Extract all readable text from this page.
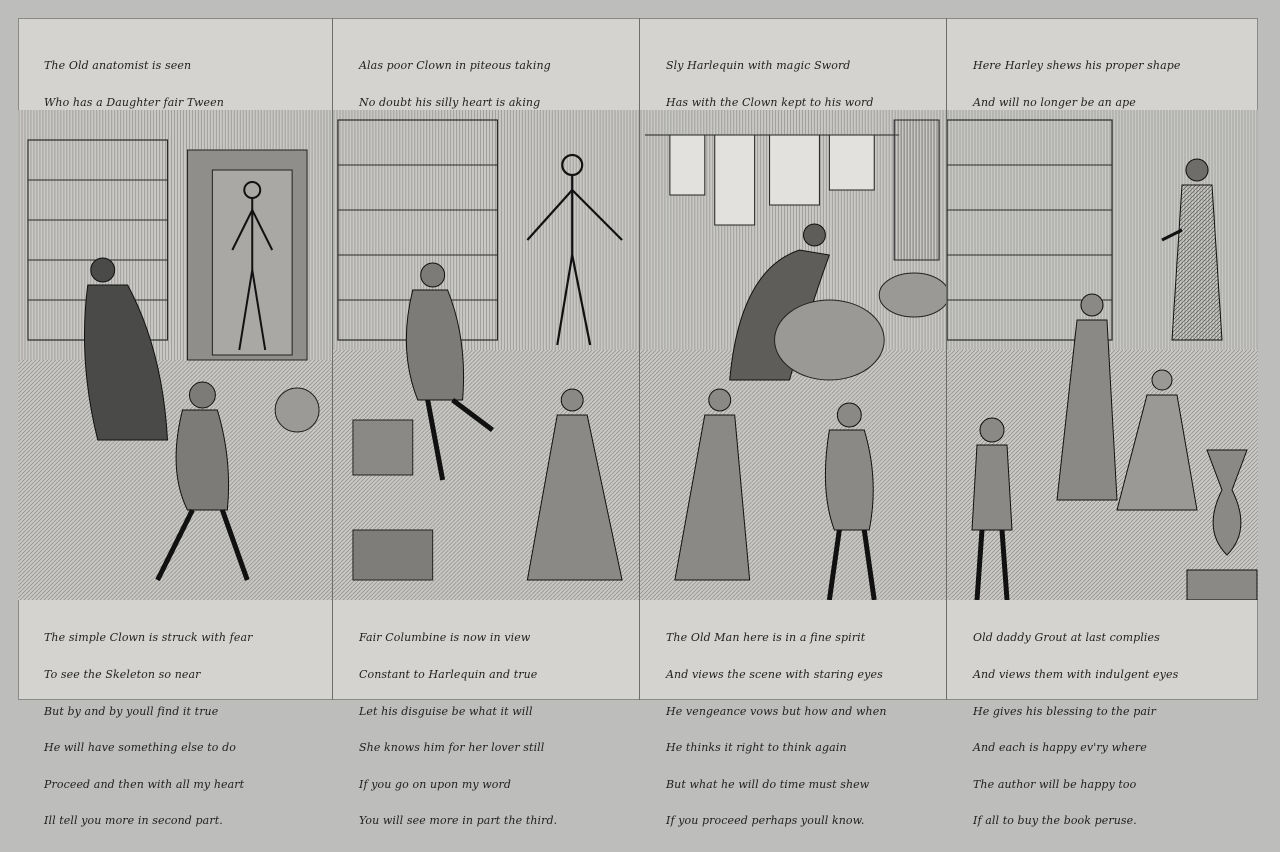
The Old anatomist is seen

Who has a Daughter fair Tween

The simple Clown is struck with fear

To see the Skeleton so near

But by and by youll find it true

He will have something else to do

Proceed and then with all my heart

Ill tell you more in second part.

Alas poor Clown in piteous taking

No doubt his silly heart is aking

Fair Columbine is now in view

Constant to Harlequin and true

Let his disguise be what it will

She knows him for her lover still

If you go on upon my word

You will see more in part the third.

Sly Harlequin with magic Sword

Has with the Clown kept to his word

The Old Man here is in a fine spirit

And views the scene with staring eyes

He vengeance vows but how and when

He thinks it right to think again

But what he will do time must shew

If you proceed perhaps youll know.

Here Harley shews his proper shape

And will no longer be an ape

Old daddy Grout at last complies

And views them with indulgent eyes

He gives his blessing to the pair

And each is happy ev'ry where

The author will be happy too

If all to buy the book peruse.
